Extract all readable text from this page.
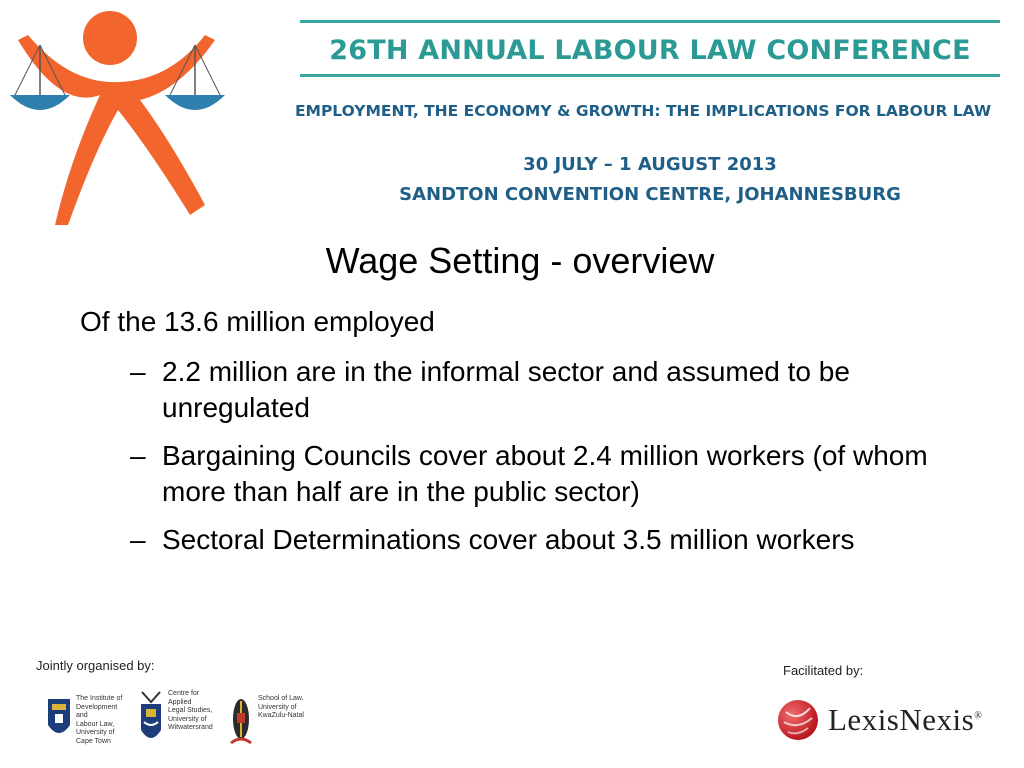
26TH ANNUAL LABOUR LAW CONFERENCE
EMPLOYMENT, THE ECONOMY & GROWTH: THE IMPLICATIONS FOR LABOUR LAW
30 JULY – 1 AUGUST 2013
SANDTON CONVENTION CENTRE, JOHANNESBURG
Wage Setting - overview
Of the 13.6 million employed
– 2.2 million are in the informal sector and assumed to be unregulated
– Bargaining Councils cover about 2.4 million workers (of whom more than half are in the public sector)
– Sectoral Determinations cover about 3.5 million workers
Jointly organised by:	Facilitated by:
The Institute of
Development and
Labour Law,
University of
Cape Town
Centre for Applied
Legal Studies,
University of
Witwatersrand
School of Law,
University of
KwaZulu-Natal	LexisNexis®
